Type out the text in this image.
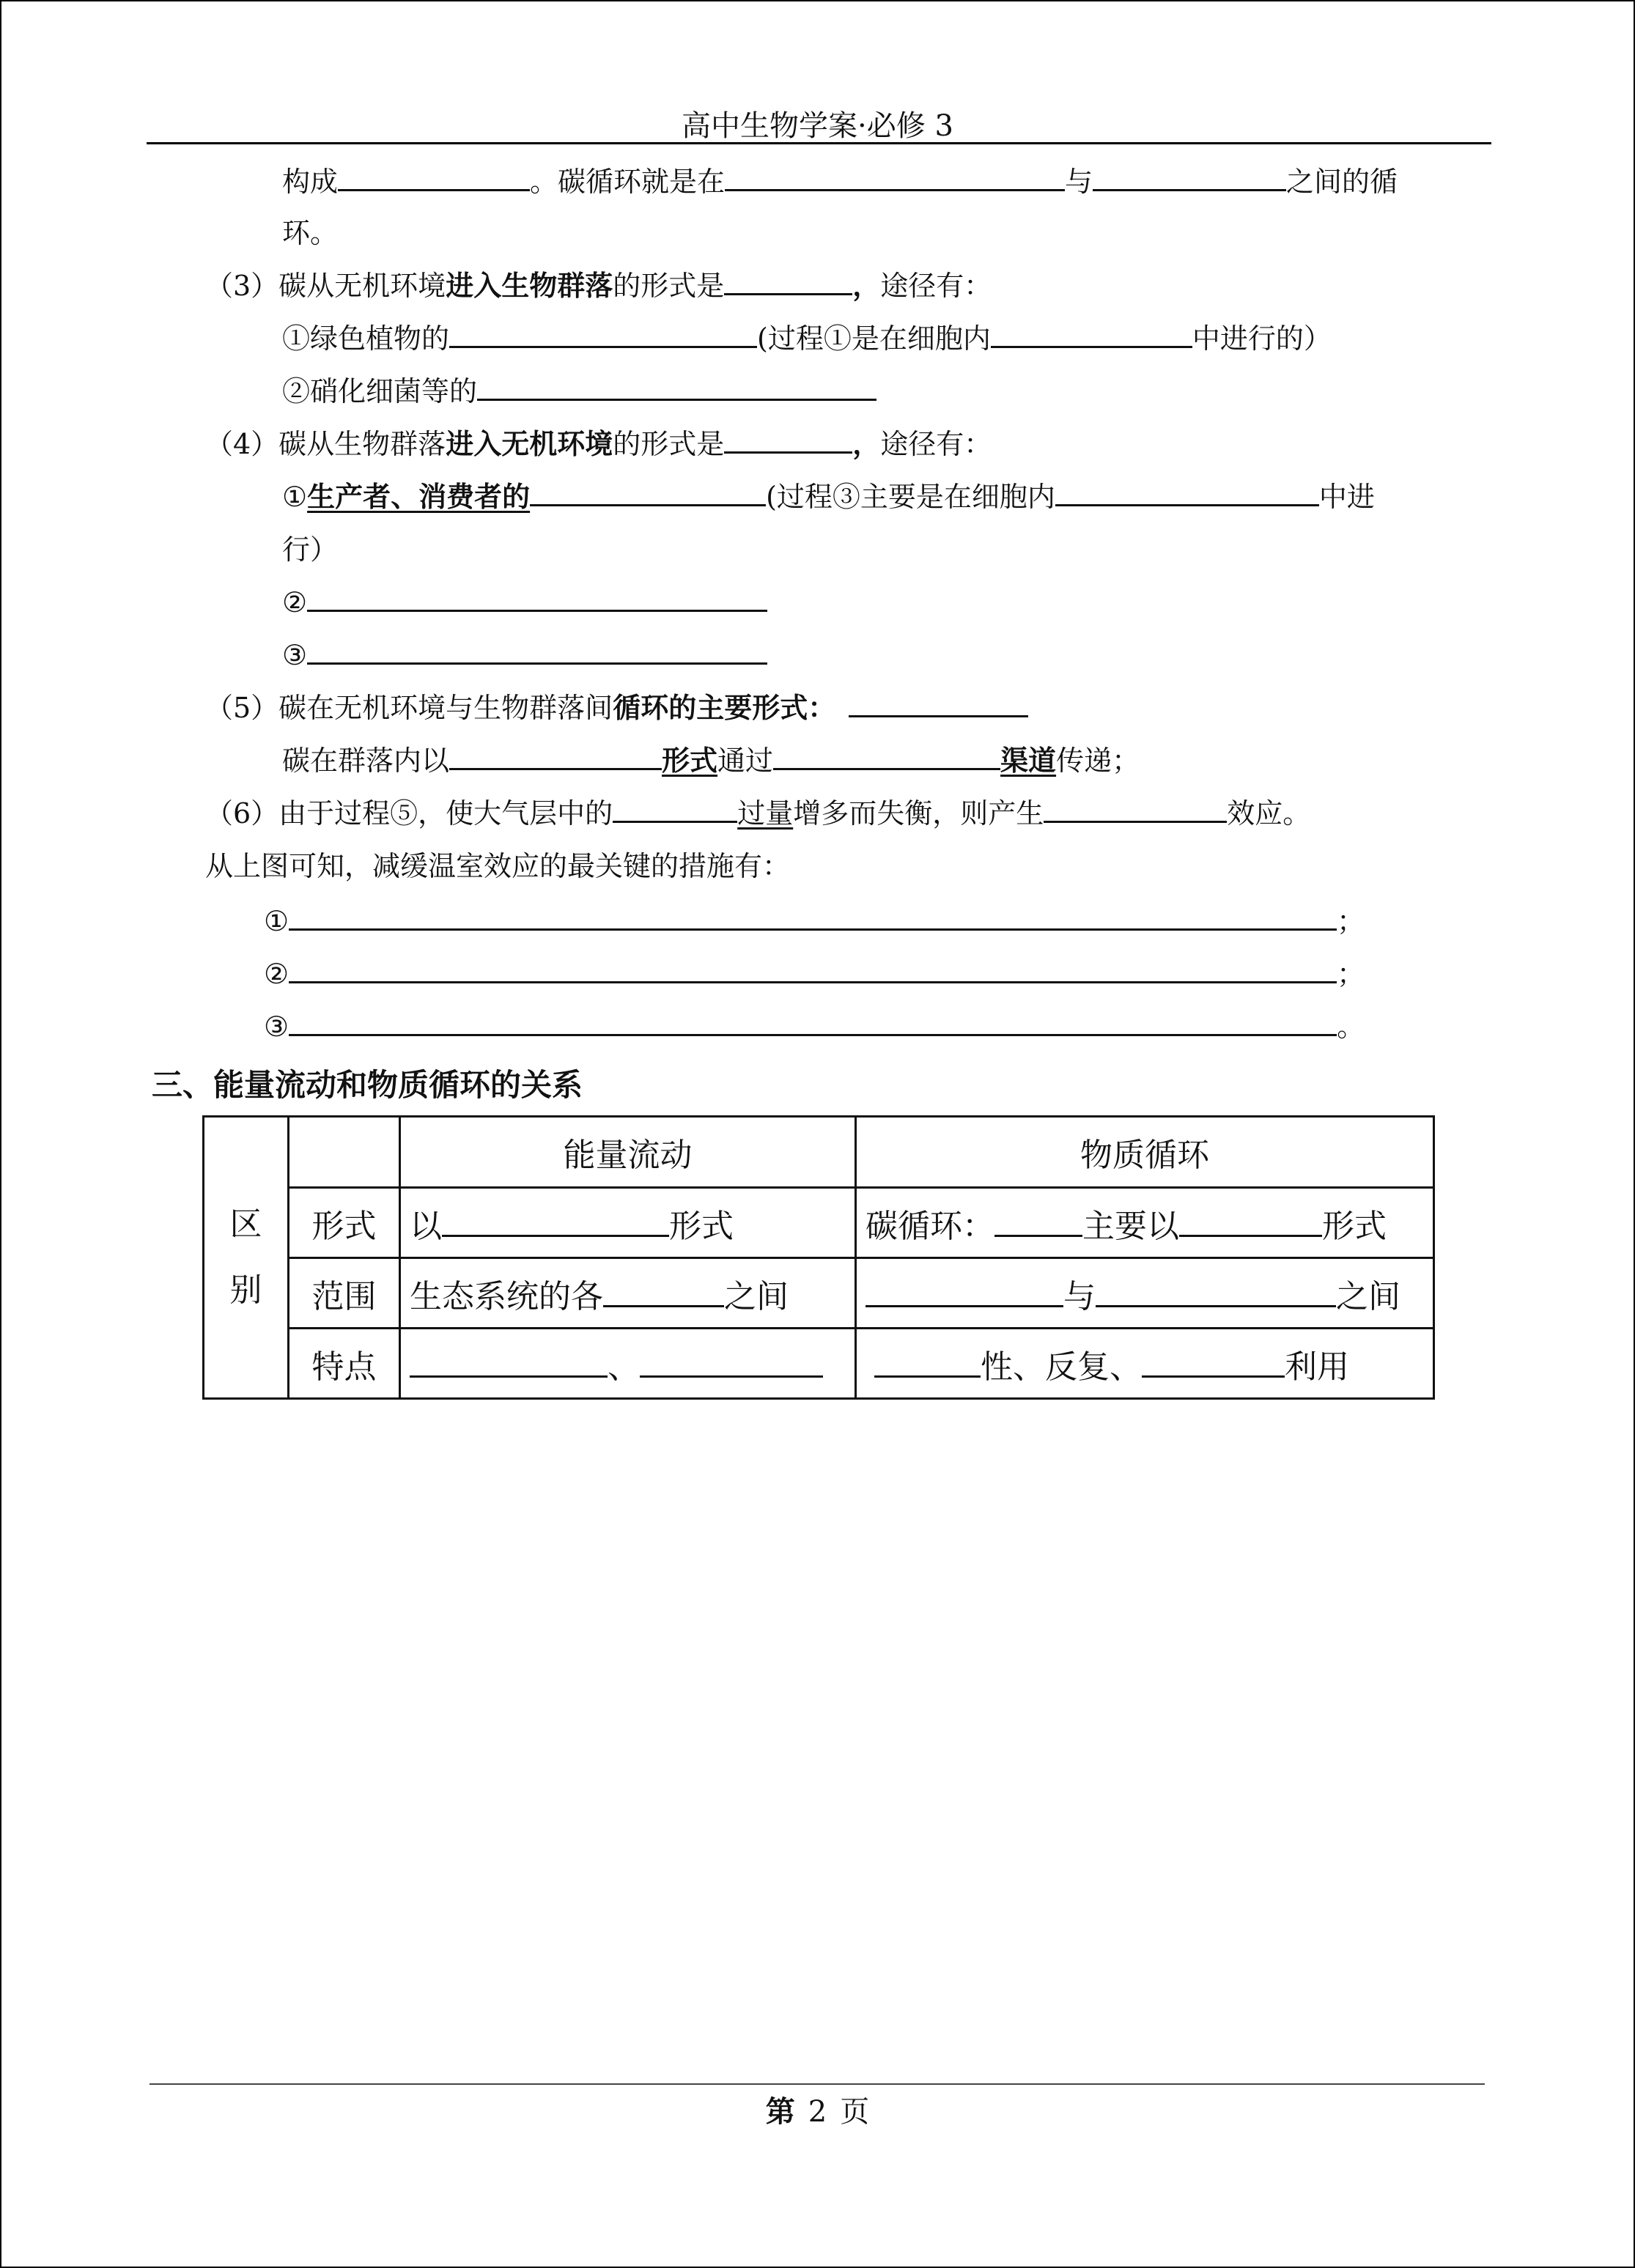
高中生物学案·必修 3
构成	。碳循环就是在	与	之间的循
环。
（3）碳从无机环境进入生物群落的形式是	，途径有：
①绿色植物的	(过程①是在细胞内	中进行的）
②硝化细菌等的
（4）碳从生物群落进入无机环境的形式是	，途径有：
①生产者、消费者的	(过程③主要是在细胞内	中进
行）
②
③
（5）碳在无机环境与生物群落间循环的主要形式：
碳在群落内以	形式通过	渠道传递；
（6）由于过程⑤，使大气层中的	过量增多而失衡，则产生	效应。
从上图可知，减缓温室效应的最关键的措施有：
①	；
②	；
③	。
三、能量流动和物质循环的关系
区
别		能量流动	物质循环
	形式	以 形式	碳循环： 主要以 形式
	范围	生态系统的各 之间	与 之间
	特点	、	性、反复、 利用
第 2 页
